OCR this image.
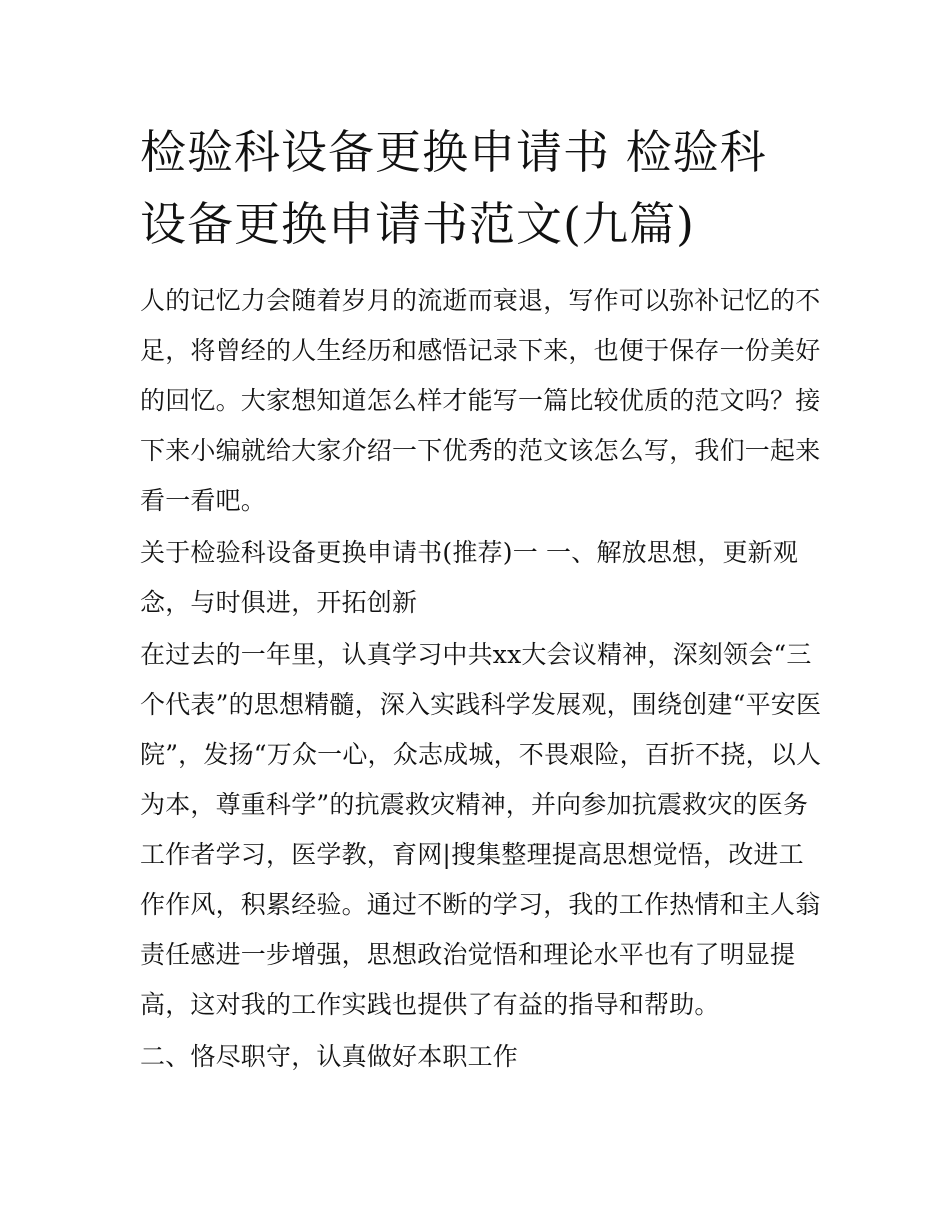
检验科设备更换申请书 检验科
设备更换申请书范文(九篇)

人的记忆力会随着岁月的流逝而衰退，写作可以弥补记忆的不

足，将曾经的人生经历和感悟记录下来，也便于保存一份美好

的回忆。大家想知道怎么样才能写一篇比较优质的范文吗？接

下来小编就给大家介绍一下优秀的范文该怎么写，我们一起来

看一看吧。

关于检验科设备更换申请书(推荐)一 一、解放思想，更新观

念，与时俱进，开拓创新

在过去的一年里，认真学习中共xx大会议精神，深刻领会“三

个代表”的思想精髓，深入实践科学发展观，围绕创建“平安医

院”，发扬“万众一心，众志成城，不畏艰险，百折不挠，以人

为本，尊重科学”的抗震救灾精神，并向参加抗震救灾的医务

工作者学习，医学教，育网|搜集整理提高思想觉悟，改进工

作作风，积累经验。通过不断的学习，我的工作热情和主人翁

责任感进一步增强，思想政治觉悟和理论水平也有了明显提

高，这对我的工作实践也提供了有益的指导和帮助。

二、恪尽职守，认真做好本职工作
